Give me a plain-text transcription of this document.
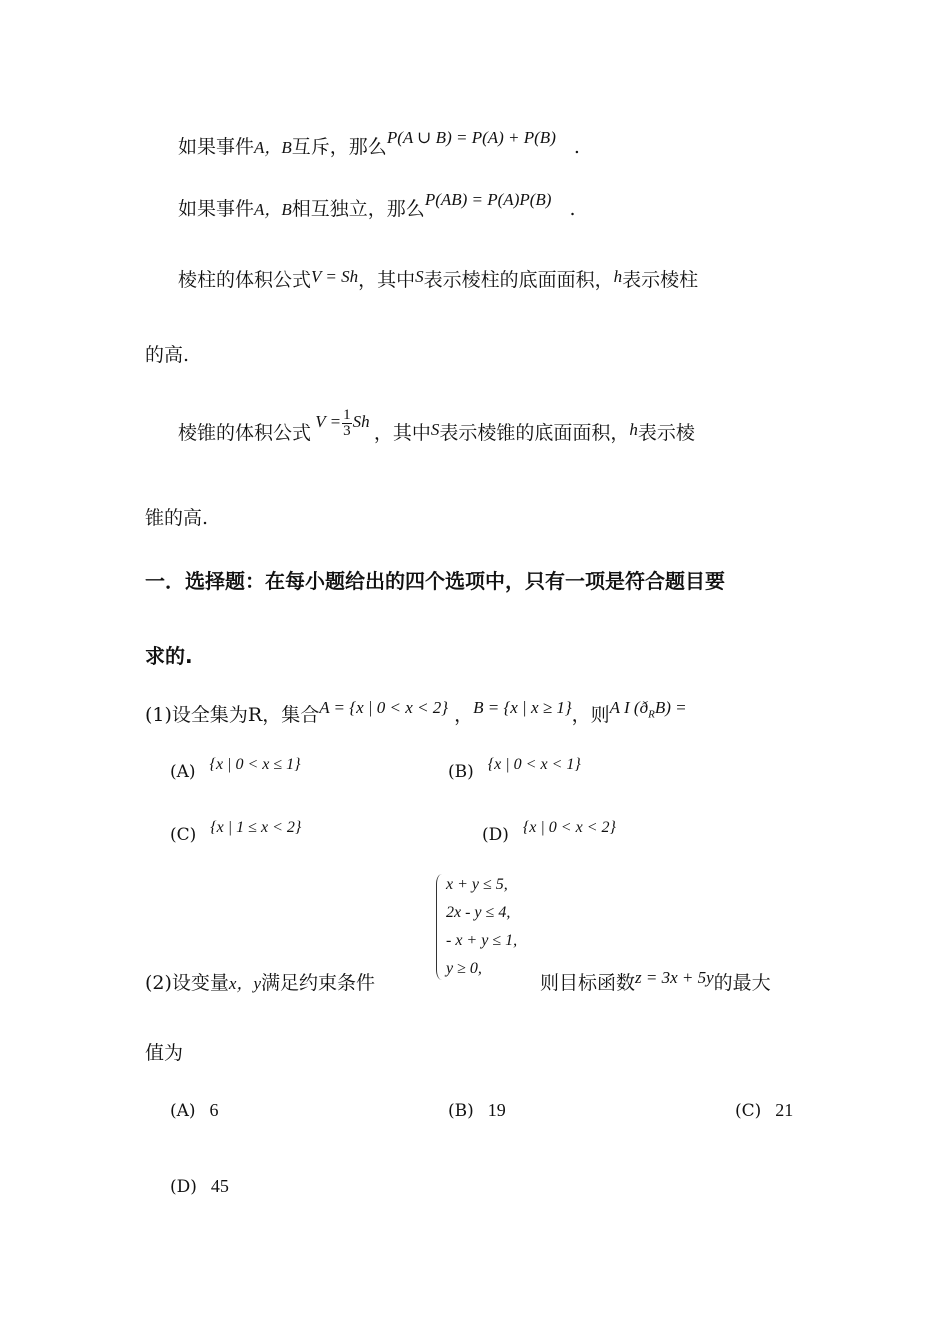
如果事件A，B互斥，那么P(A ∪ B) = P(A) + P(B) .
如果事件A，B相互独立，那么P(AB) = P(A)P(B) .
棱柱的体积公式V = Sh，其中S表示棱柱的底面面积，h表示棱柱
的高.
棱锥的体积公式 $V = \frac{1}{3}$ Sh ，其中S表示棱锥的底面面积，h表示棱
锥的高.
一．选择题：在每小题给出的四个选项中，只有一项是符合题目要
求的.
(1)设全集为R，集合A = {x | 0 < x < 2} ，B = {x | x ≥ 1}，则A I $(ð_RB)$ =
(A) {x | 0 < x ≤ 1}	(B) {x | 0 < x < 1}
(C) {x | 1 ≤ x < 2}	(D) {x | 0 < x < 2}
x + y ≤ 5,
2x - y ≤ 4,
- x + y ≤ 1,
y ≥ 0,
(2)设变量x，y满足约束条件	则目标函数z = 3x + 5y的最大
值为
(A) 6	(B) 19	(C) 21
(D) 45
